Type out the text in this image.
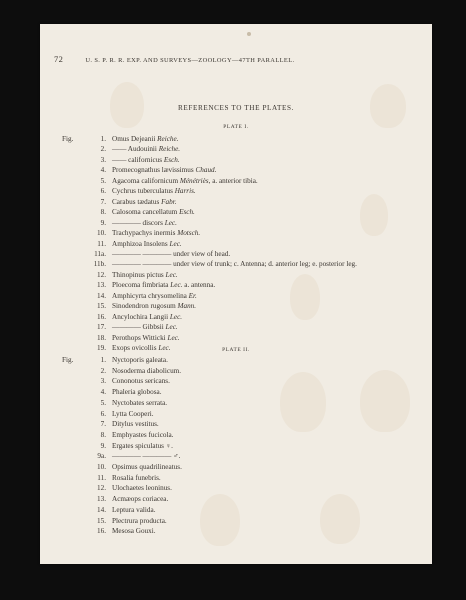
72	U. S. P. R. R. EXP. AND SURVEYS—ZOOLOGY—47TH PARALLEL.
REFERENCES TO THE PLATES.
PLATE I.
PLATE II.
Fig.	1. Omus Dejeanii Reiche.
2. —— Audouinii Reiche.
3. —— californicus Esch.
4. Promecognathus lævissimus Chaud.
5. Agacoma californicum Ménétriès, a. anterior tibia.
6. Cychrus tuberculatus Harris.
7. Carabus tædatus Fabr.
8. Calosoma cancellatum Esch.
9. ———— discors Lec.
10. Trachypachys inermis Motsch.
11. Amphizoa Insolens Lec.
11a. ———— ———— under view of head.
11b. ———— ———— under view of trunk; c. Antenna; d. anterior leg; e. posterior leg.
12. Thinopinus pictus Lec.
13. Ploecoma fimbriata Lec. a. antenna.
14. Amphicyrta chrysomelina Er.
15. Sinodendron rugosum Mann.
16. Ancylochira Langii Lec.
17. ———— Gibbsii Lec.
18. Perothops Witticki Lec.
19. Exops ovicollis Lec.
Fig.	1. Nyctoporis galeata.
2. Nosoderma diabolicum.
3. Cononotus sericans.
4. Phaleria globosa.
5. Nyctobates serrata.
6. Lytta Cooperi.
7. Ditylus vestitus.
8. Emphyastes fucicola.
9. Ergates spiculatus ♀.
9a. ———— ———— ♂.
10. Opsimus quadrilineatus.
11. Rosalia funebris.
12. Ulochaetes leoninus.
13. Acmæops coriacea.
14. Leptura valida.
15. Plectrura producta.
16. Mesosa Gouxi.
